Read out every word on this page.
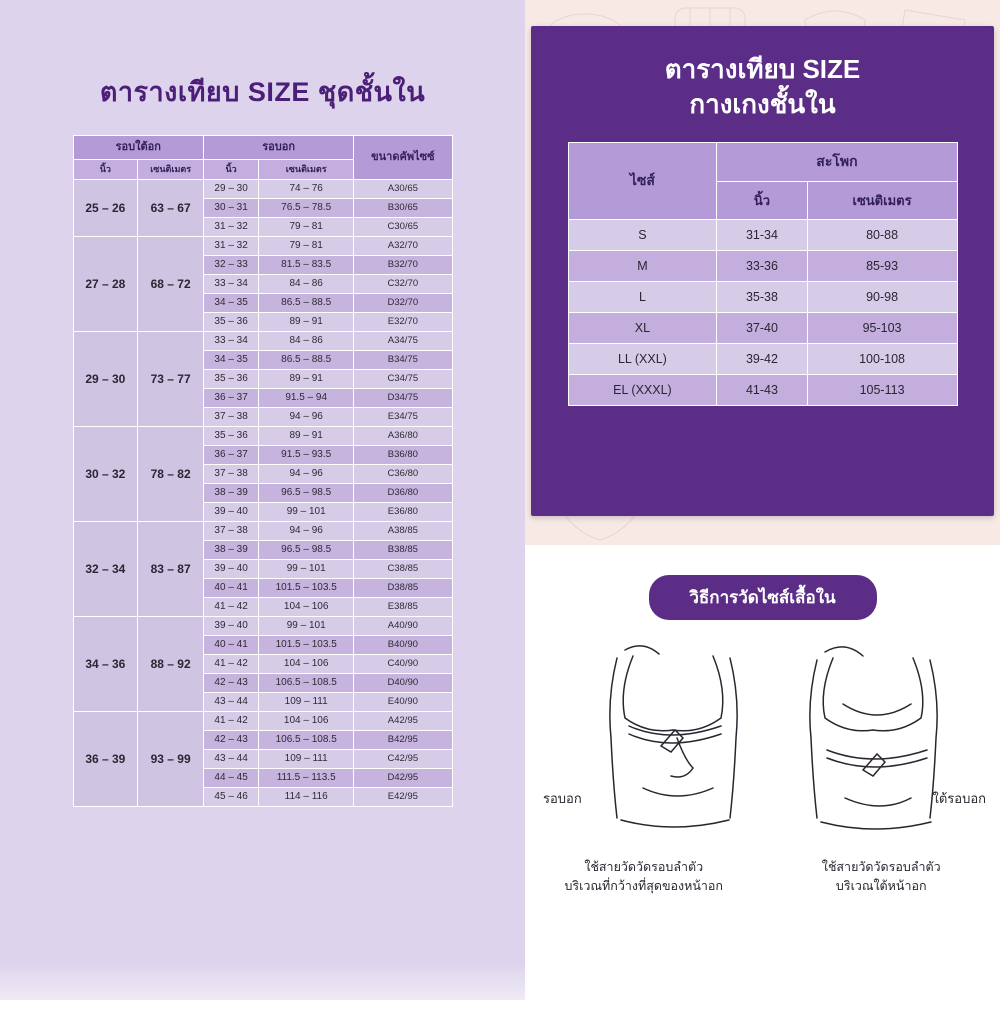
ตารางเทียบ SIZE ชุดชั้นใน
รอบใต้อก		รอบอก		ขนาดคัพไซซ์
นิ้ว	เซนติเมตร	นิ้ว	เซนติเมตร	
25 – 26	63 – 67	29 – 30	74 – 76	A30/65
		30 – 31	76.5 – 78.5	B30/65
		31 – 32	79 – 81	C30/65
27 – 28	68 – 72	31 – 32	79 – 81	A32/70
		32 – 33	81.5 – 83.5	B32/70
		33 – 34	84 – 86	C32/70
		34 – 35	86.5 – 88.5	D32/70
		35 – 36	89 – 91	E32/70
29 – 30	73 – 77	33 – 34	84 – 86	A34/75
		34 – 35	86.5 – 88.5	B34/75
		35 – 36	89 – 91	C34/75
		36 – 37	91.5 – 94	D34/75
		37 – 38	94 – 96	E34/75
30 – 32	78 – 82	35 – 36	89 – 91	A36/80
		36 – 37	91.5 – 93.5	B36/80
		37 – 38	94 – 96	C36/80
		38 – 39	96.5 – 98.5	D36/80
		39 – 40	99 – 101	E36/80
32 – 34	83 – 87	37 – 38	94 – 96	A38/85
		38 – 39	96.5 – 98.5	B38/85
		39 – 40	99 – 101	C38/85
		40 – 41	101.5 – 103.5	D38/85
		41 – 42	104 – 106	E38/85
34 – 36	88 – 92	39 – 40	99 – 101	A40/90
		40 – 41	101.5 – 103.5	B40/90
		41 – 42	104 – 106	C40/90
		42 – 43	106.5 – 108.5	D40/90
		43 – 44	109 – 111	E40/90
36 – 39	93 – 99	41 – 42	104 – 106	A42/95
		42 – 43	106.5 – 108.5	B42/95
		43 – 44	109 – 111	C42/95
		44 – 45	111.5 – 113.5	D42/95
		45 – 46	114 – 116	E42/95
ตารางเทียบ SIZE
กางเกงชั้นใน
ไซส์	สะโพก	
	นิ้ว	เซนติเมตร
S	31-34	80-88
M	33-36	85-93
L	35-38	90-98
XL	37-40	95-103
LL (XXL)	39-42	100-108
EL (XXXL)	41-43	105-113
วิธีการวัดไซส์เสื้อใน
รอบอก	ใต้รอบอก
ใช้สายวัดวัดรอบลำตัว
บริเวณที่กว้างที่สุดของหน้าอก
ใช้สายวัดวัดรอบลำตัว
บริเวณใต้หน้าอก
